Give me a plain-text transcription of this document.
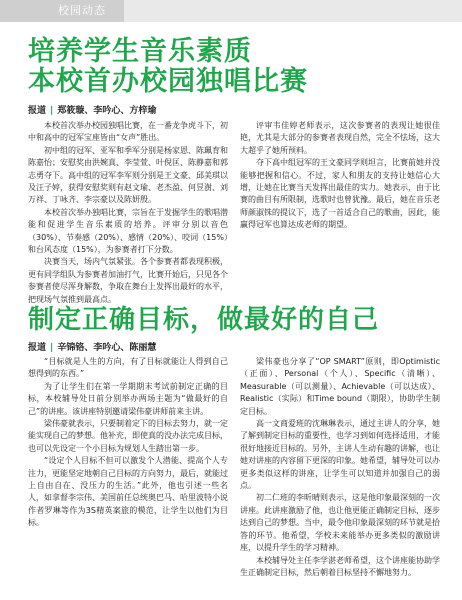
校园动态
培养学生音乐素质
本校首办校园独唱比赛
报道 | 郑筱璇、李吟心、方梓瑜

本校首次举办校园独唱比赛，在一番龙争虎斗下，初中和高中的冠军宝座皆由“女声”胜出。

初中组的冠军、亚军和季军分别是杨家恩、陈珮育和陈嘉怡；安慰奖由洪婉真、李莹萱、叶倪匡、陈静嘉和郭志勇夺下。高中组的冠军李军则分别是王文豪、邱美琪以及汪子婷，获得安慰奖则有赵文瑜、老杰盈、何昱澍、刘万祥、丁咏齐、李宗豪以及陈妍殷。

本校首次举办独唱比赛，宗旨在于发掘学生的歌唱潜能和促进学生音乐素质的培养。评审分别以音色（30%）、节奏感（20%）、感情（20%）、咬词（15%）和台风态度（15%），为参赛者打下分数。

决赛当天，场内气氛紧张。各个参赛者都表现积极，更有同学组队为参赛者加油打气，比赛开始后，只见各个参赛者使尽浑身解数，争取在舞台上发挥出最好的水平，把现场气氛推到最高点。

评审韦佳婷老师表示，这次参赛者的表现让她很佳艳，尤其是大部分的参赛者表现自然，完全不怯场，这大大超乎了她所预料。

夺下高中组冠军的王文豪同学则坦言，比赛前她并没能够把握和信心。不过，家人和朋友的支持让她信心大增，让她在比赛当天发挥出最佳的实力。她表示，由于比赛的曲目有所限制，选歌时也曾犹豫。最后，她在音乐老师颜淑铢的提议下，选了一首适合自己的歌曲，因此，能赢得冠军也算达成老师的期望。

制定正确目标，做最好的自己
报道 | 辛锦铬、李吟心、陈丽慧

“目标就是人生的方向，有了目标就能让人得到自己想得到的东西。”

为了让学生们在第一学期期末考试前制定正确的目标，本校辅导处日前分别举办两场主题为“做最好的自己”的讲座。该讲座特别邀请梁伟豪讲师前来主讲。

梁伟豪就表示，只要制着定下的目标去努力，就一定能实现自己的梦想。他补充，即使真的没办法完成目标，也可以先设定一个小目标为规划人生踏出第一步。

“设定个人目标不但可以激发个人潜能、提高个人专注力，更能坚定地朝自己目标的方向努力，最后，就能过上自由自在、没压力的生活。”此外，他也引述一些名人，如拿督李宗伟、美国前任总统奥巴马、哈里波特小说作者罗琳等作为3S精英案旅的模范，让学生以他们为目标。

梁伟豪也分享了“OP SMART”原则，即Optimistic（正面）、Personal（个人）、Specific（清晰）、Measurable（可以测量）、Achievable（可以达成）、Realistic（实际）和Time bound（期限），协助学生制定目标。

高一文商爱班的沈琳琳表示，通过主讲人的分享，她了解到制定目标的重要性，也学习到如何选择适用，才能很好地接近目标的。另外，主讲人生动有趣的讲解，也让她对讲座的内容留下更深的印象。她希望，辅导处可以办更多类似这样的讲座，让学生可以知道并加强自己的弱点。

初二仁班的李昕晴则表示，这是他印象最深刻的一次讲座。此讲座激励了他，也让他更能正确制定目标，逐步达到自己的梦想。当中，最令他印象最深刻的环节就是拾答的环节。他希望，学校未来能举办更多类似的激励讲座，以提升学生的学习精神。

本校辅导处主任李学湛老师希望，这个讲座能协助学生正确制定目标，然后朝着目标坚持不懈地努力。
